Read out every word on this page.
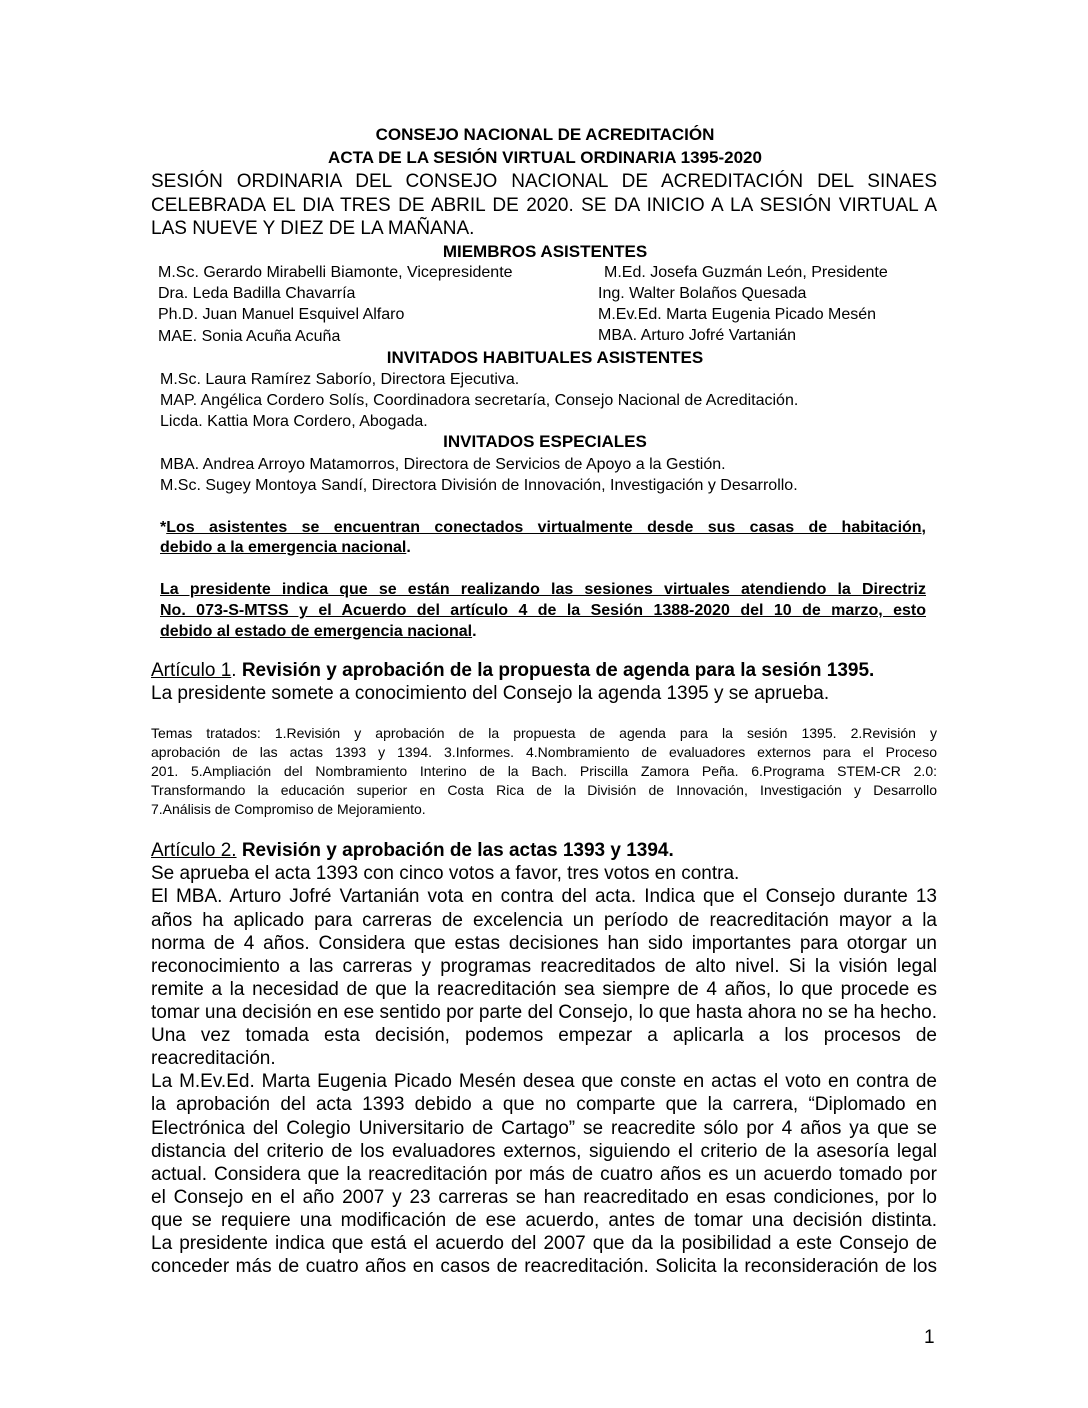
CONSEJO NACIONAL DE ACREDITACIÓN
ACTA DE LA SESIÓN VIRTUAL ORDINARIA 1395-2020
SESIÓN ORDINARIA DEL CONSEJO NACIONAL DE ACREDITACIÓN DEL SINAES
CELEBRADA EL DIA TRES DE ABRIL DE 2020. SE DA INICIO A LA SESIÓN VIRTUAL A
LAS NUEVE Y DIEZ DE LA MAÑANA.
MIEMBROS ASISTENTES
M.Sc. Gerardo Mirabelli Biamonte, Vicepresidente
Dra. Leda Badilla Chavarría
Ph.D. Juan Manuel Esquivel Alfaro
MAE. Sonia Acuña Acuña
M.Ed. Josefa Guzmán León, Presidente
Ing. Walter Bolaños Quesada
M.Ev.Ed. Marta Eugenia Picado Mesén
MBA. Arturo Jofré Vartanián
INVITADOS HABITUALES ASISTENTES
M.Sc. Laura Ramírez Saborío, Directora Ejecutiva.
MAP. Angélica Cordero Solís, Coordinadora secretaría, Consejo Nacional de Acreditación.
Licda. Kattia Mora Cordero, Abogada.
INVITADOS ESPECIALES
MBA. Andrea Arroyo Matamorros, Directora de Servicios de Apoyo a la Gestión.
M.Sc. Sugey Montoya Sandí, Directora División de Innovación, Investigación y Desarrollo.
*Los asistentes se encuentran conectados virtualmente desde sus casas de habitación,
debido a la emergencia nacional.
La presidente indica que se están realizando las sesiones virtuales atendiendo la Directriz
No. 073-S-MTSS y el Acuerdo del artículo 4 de la Sesión 1388-2020 del 10 de marzo, esto
debido al estado de emergencia nacional.
Artículo 1. Revisión y aprobación de la propuesta de agenda para la sesión 1395.
La presidente somete a conocimiento del Consejo la agenda 1395 y se aprueba.
Temas tratados: 1.Revisión y aprobación de la propuesta de agenda para la sesión 1395. 2.Revisión y
aprobación de las actas 1393 y 1394. 3.Informes. 4.Nombramiento de evaluadores externos para el Proceso
201. 5.Ampliación del Nombramiento Interino de la Bach. Priscilla Zamora Peña. 6.Programa STEM-CR 2.0:
Transformando la educación superior en Costa Rica de la División de Innovación, Investigación y Desarrollo
7.Análisis de Compromiso de Mejoramiento.
Artículo 2. Revisión y aprobación de las actas 1393 y 1394.
Se aprueba el acta 1393 con cinco votos a favor, tres votos en contra.
El MBA. Arturo Jofré Vartanián vota en contra del acta. Indica que el Consejo durante 13
años ha aplicado para carreras de excelencia un período de reacreditación mayor a la
norma de 4 años. Considera que estas decisiones han sido importantes para otorgar un
reconocimiento a las carreras y programas reacreditados de alto nivel. Si la visión legal
remite a la necesidad de que la reacreditación sea siempre de 4 años, lo que procede es
tomar una decisión en ese sentido por parte del Consejo, lo que hasta ahora no se ha hecho.
Una vez tomada esta decisión, podemos empezar a aplicarla a los procesos de
reacreditación.
La M.Ev.Ed. Marta Eugenia Picado Mesén desea que conste en actas el voto en contra de
la aprobación del acta 1393 debido a que no comparte que la carrera, “Diplomado en
Electrónica del Colegio Universitario de Cartago” se reacredite sólo por 4 años ya que se
distancia del criterio de los evaluadores externos, siguiendo el criterio de la asesoría legal
actual. Considera que la reacreditación por más de cuatro años es un acuerdo tomado por
el Consejo en el año 2007 y 23 carreras se han reacreditado en esas condiciones, por lo
que se requiere una modificación de ese acuerdo, antes de tomar una decisión distinta.
La presidente indica que está el acuerdo del 2007 que da la posibilidad a este Consejo de
conceder más de cuatro años en casos de reacreditación. Solicita la reconsideración de los
1
